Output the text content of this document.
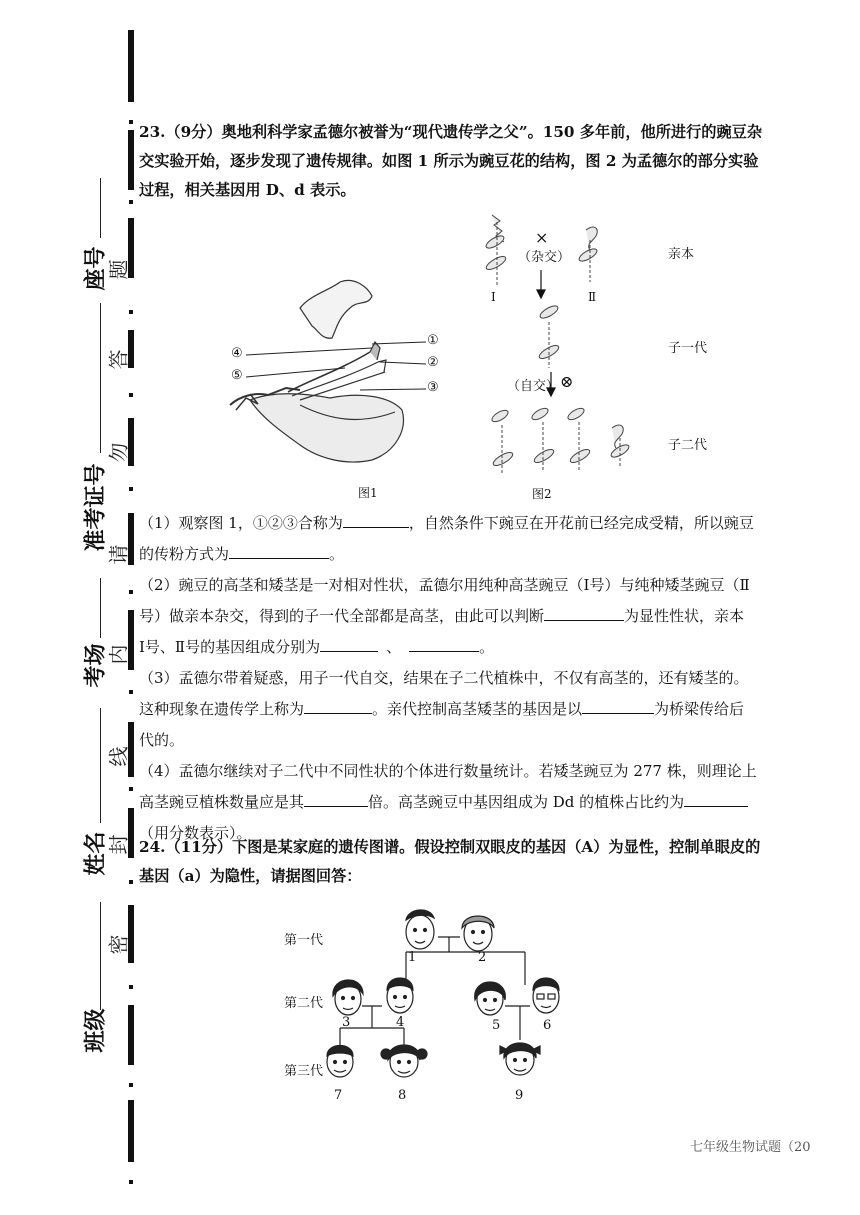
座号
准考证号
考场
姓名
班级
题
答
勿
请
内
线
封
密
23.（9分）奥地利科学家孟德尔被誉为“现代遗传学之父”。150 多年前，他所进行的豌豆杂
交实验开始，逐步发现了遗传规律。如图 1 所示为豌豆花的结构，图 2 为孟德尔的部分实验
过程，相关基因用 D、d 表示。
①
②
③
④
⑤
图1
×
（杂交）
Ⅰ	Ⅱ
（自交） ⊗
亲本
子一代
子二代
图2
（1）观察图 1，①②③合称为	，自然条件下豌豆在开花前已经完成受精，所以豌豆
的传粉方式为	。
（2）豌豆的高茎和矮茎是一对相对性状，孟德尔用纯种高茎豌豆（Ⅰ号）与纯种矮茎豌豆（Ⅱ
号）做亲本杂交，得到的子一代全部都是高茎，由此可以判断	为显性性状，亲本
Ⅰ号、Ⅱ号的基因组成分别为	、	。
（3）孟德尔带着疑惑，用子一代自交，结果在子二代植株中，不仅有高茎的，还有矮茎的。
这种现象在遗传学上称为	。亲代控制高茎矮茎的基因是以	为桥梁传给后
代的。
（4）孟德尔继续对子二代中不同性状的个体进行数量统计。若矮茎豌豆为 277 株，则理论上
高茎豌豆植株数量应是其	倍。高茎豌豆中基因组成为 Dd 的植株占比约为
（用分数表示）。
24.（11分）下图是某家庭的遗传图谱。假设控制双眼皮的基因（A）为显性，控制单眼皮的
基因（a）为隐性，请据图回答：
第一代
第二代
第三代
1	2
3	4	5	6
7	8	9
七年级生物试题（20
